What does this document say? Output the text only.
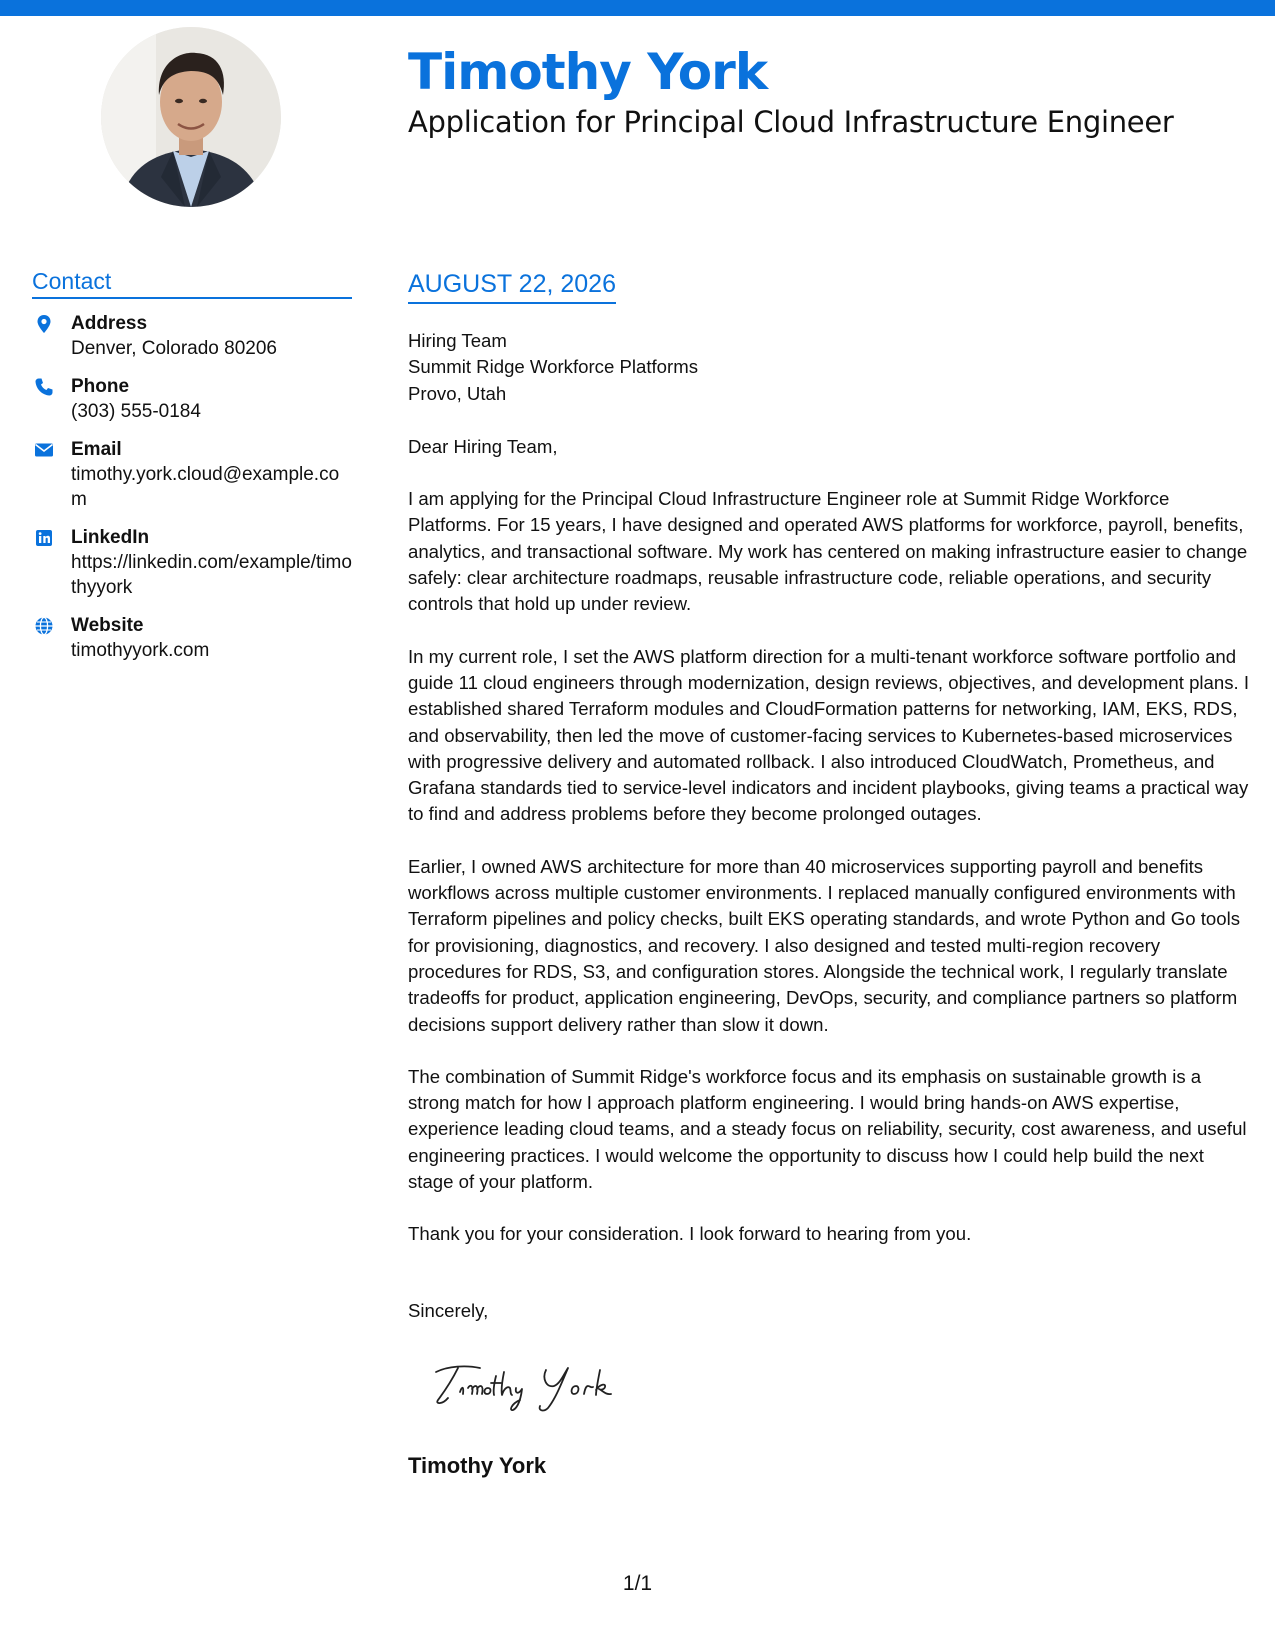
Timothy York
Application for Principal Cloud Infrastructure Engineer
Contact
Address
Denver, Colorado 80206
Phone
(303) 555-0184
Email
timothy.york.cloud@example.com
LinkedIn
https://linkedin.com/example/timothyyork
Website
timothyyork.com
AUGUST 22, 2026

Hiring Team
Summit Ridge Workforce Platforms
Provo, Utah

Dear Hiring Team,

I am applying for the Principal Cloud Infrastructure Engineer role at Summit Ridge Workforce Platforms. For 15 years, I have designed and operated AWS platforms for workforce, payroll, benefits, analytics, and transactional software. My work has centered on making infrastructure easier to change safely: clear architecture roadmaps, reusable infrastructure code, reliable operations, and security controls that hold up under review.

In my current role, I set the AWS platform direction for a multi-tenant workforce software portfolio and guide 11 cloud engineers through modernization, design reviews, objectives, and development plans. I established shared Terraform modules and CloudFormation patterns for networking, IAM, EKS, RDS, and observability, then led the move of customer-facing services to Kubernetes-based microservices with progressive delivery and automated rollback. I also introduced CloudWatch, Prometheus, and Grafana standards tied to service-level indicators and incident playbooks, giving teams a practical way to find and address problems before they become prolonged outages.

Earlier, I owned AWS architecture for more than 40 microservices supporting payroll and benefits workflows across multiple customer environments. I replaced manually configured environments with Terraform pipelines and policy checks, built EKS operating standards, and wrote Python and Go tools for provisioning, diagnostics, and recovery. I also designed and tested multi-region recovery procedures for RDS, S3, and configuration stores. Alongside the technical work, I regularly translate tradeoffs for product, application engineering, DevOps, security, and compliance partners so platform decisions support delivery rather than slow it down.

The combination of Summit Ridge's workforce focus and its emphasis on sustainable growth is a strong match for how I approach platform engineering. I would bring hands-on AWS expertise, experience leading cloud teams, and a steady focus on reliability, security, cost awareness, and useful engineering practices. I would welcome the opportunity to discuss how I could help build the next stage of your platform.

Thank you for your consideration. I look forward to hearing from you.

Sincerely,

Timothy York
1/1
